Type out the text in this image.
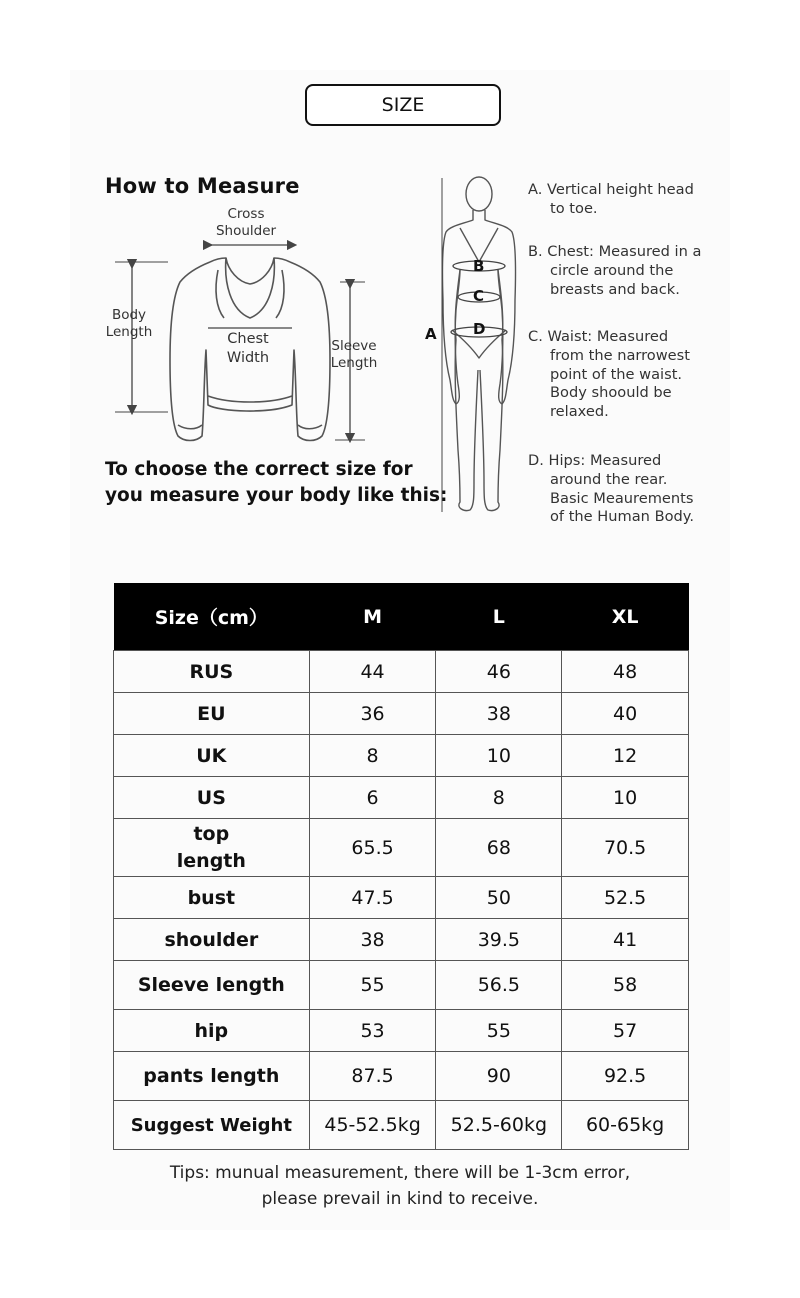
SIZE
How to Measure
Cross
Shoulder
Body
Length	Chest
Width
Sleeve
Length
To choose the correct size for
you measure your body like this:
A
B
C
D
A. Vertical height head
to toe.
B. Chest: Measured in a
circle around the
breasts and back.
C. Waist: Measured
from the narrowest
point of the waist.
Body shoould be
relaxed.
D. Hips: Measured
around the rear.
Basic Meaurements
of the Human Body.
Size（cm）	M	L	XL
RUS	44	46	48
EU	36	38	40
UK	8	10	12
US	6	8	10

top
length	65.5	68	70.5
bust	47.5	50	52.5
shoulder	38	39.5	41
Sleeve length	55	56.5	58
hip	53	55	57
pants length	87.5	90	92.5
Suggest Weight	45-52.5kg	52.5-60kg	60-65kg
Tips: munual measurement, there will be 1-3cm error,
please prevail in kind to receive.
